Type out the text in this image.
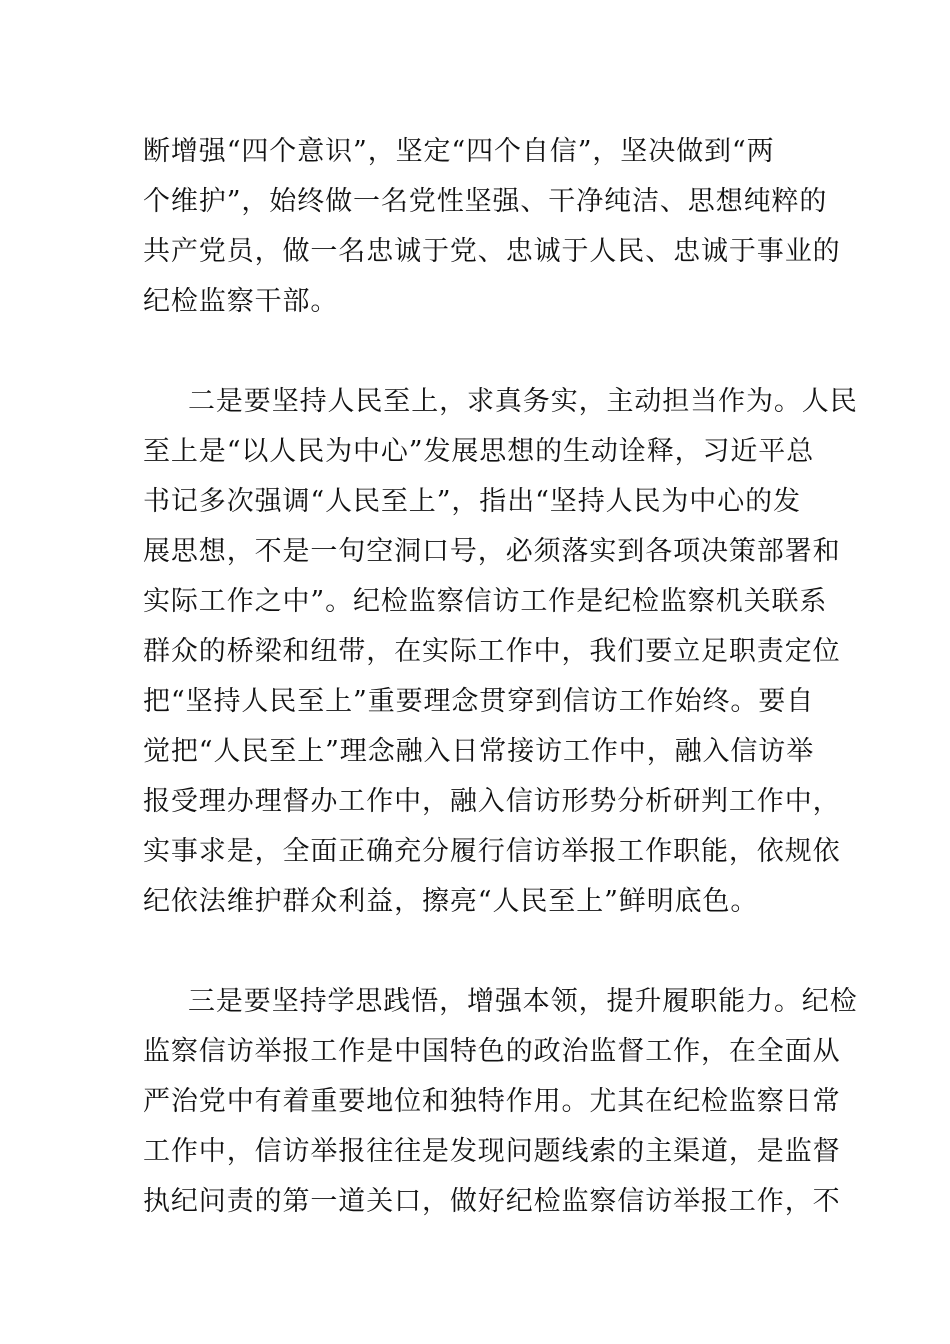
断增强“四个意识”，坚定“四个自信”，坚决做到“两
个维护”，始终做一名党性坚强、干净纯洁、思想纯粹的
共产党员，做一名忠诚于党、忠诚于人民、忠诚于事业的
纪检监察干部。
二是要坚持人民至上，求真务实，主动担当作为。人民
至上是“以人民为中心”发展思想的生动诠释，习近平总
书记多次强调“人民至上”，指出“坚持人民为中心的发
展思想，不是一句空洞口号，必须落实到各项决策部署和
实际工作之中”。纪检监察信访工作是纪检监察机关联系
群众的桥梁和纽带，在实际工作中，我们要立足职责定位
把“坚持人民至上”重要理念贯穿到信访工作始终。要自
觉把“人民至上”理念融入日常接访工作中，融入信访举
报受理办理督办工作中，融入信访形势分析研判工作中，
实事求是，全面正确充分履行信访举报工作职能，依规依
纪依法维护群众利益，擦亮“人民至上”鲜明底色。
三是要坚持学思践悟，增强本领，提升履职能力。纪检
监察信访举报工作是中国特色的政治监督工作，在全面从
严治党中有着重要地位和独特作用。尤其在纪检监察日常
工作中，信访举报往往是发现问题线索的主渠道，是监督
执纪问责的第一道关口，做好纪检监察信访举报工作，不
